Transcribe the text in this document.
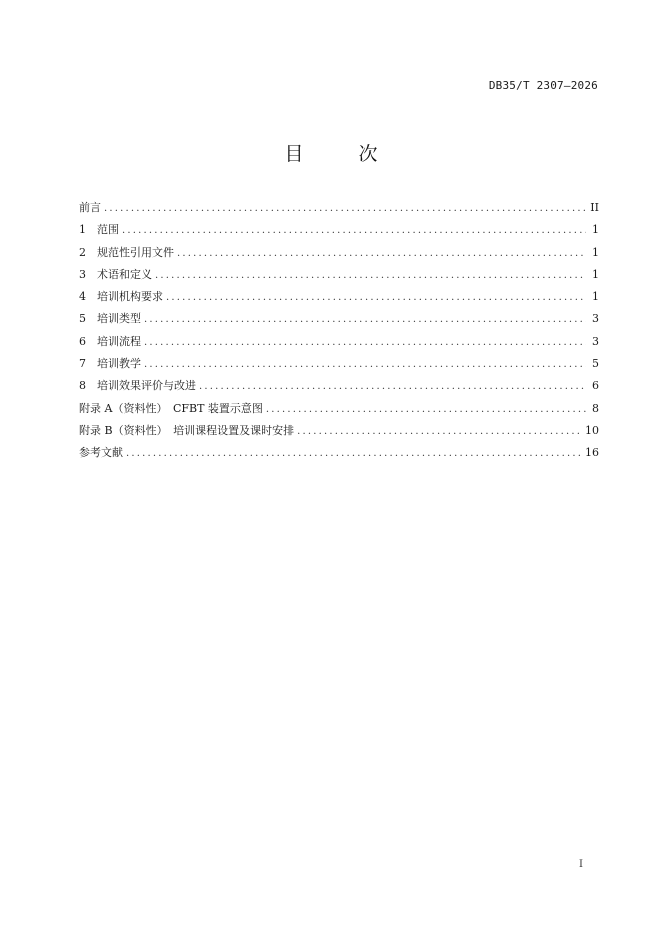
DB35/T 2307—2026
目　次
前言 .....	II
1	范围 .....	1
2	规范性引用文件 .....	1
3	术语和定义 .....	1
4	培训机构要求 .....	1
5	培训类型 .....	3
6	培训流程 .....	3
7	培训教学 .....	5
8	培训效果评价与改进 .....	6
附录 A（资料性）　CFBT 装置示意图 .....	8
附录 B（资料性）　培训课程设置及课时安排 .....	10
参考文献 .....	16
I
